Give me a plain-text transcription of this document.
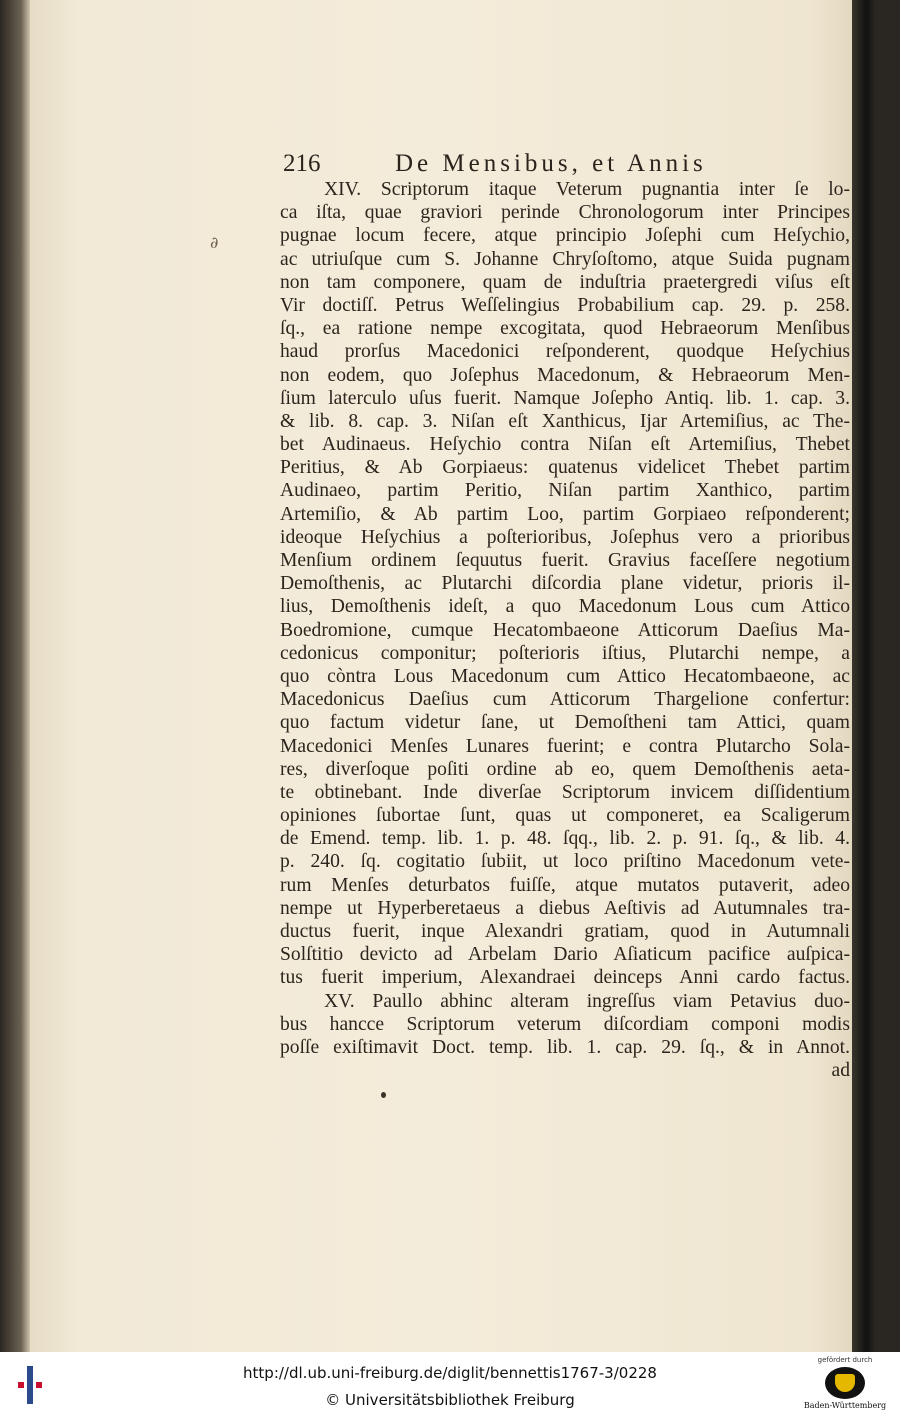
∂
216	De Mensibus, et Annis
XIV. Scriptorum itaque Veterum pugnantia inter ſe lo-
ca iſta, quae graviori perinde Chronologorum inter Principes
pugnae locum fecere, atque principio Joſephi cum Heſychio,
ac utriuſque cum S. Johanne Chryſoſtomo, atque Suida pugnam
non tam componere, quam de induſtria praetergredi viſus eſt
Vir doctiſſ. Petrus Weſſelingius Probabilium cap. 29. p. 258.
ſq., ea ratione nempe excogitata, quod Hebraeorum Menſibus
haud prorſus Macedonici reſponderent, quodque Heſychius
non eodem, quo Joſephus Macedonum, & Hebraeorum Men-
ſium laterculo uſus fuerit. Namque Joſepho Antiq. lib. 1. cap. 3.
& lib. 8. cap. 3. Niſan eſt Xanthicus, Ijar Artemiſius, ac The-
bet Audinaeus. Heſychio contra Niſan eſt Artemiſius, Thebet
Peritius, & Ab Gorpiaeus: quatenus videlicet Thebet partim
Audinaeo, partim Peritio, Niſan partim Xanthico, partim
Artemiſio, & Ab partim Loo, partim Gorpiaeo reſponderent;
ideoque Heſychius a poſterioribus, Joſephus vero a prioribus
Menſium ordinem ſequutus fuerit. Gravius faceſſere negotium
Demoſthenis, ac Plutarchi diſcordia plane videtur, prioris il-
lius, Demoſthenis ideſt, a quo Macedonum Lous cum Attico
Boedromione, cumque Hecatombaeone Atticorum Daeſius Ma-
cedonicus componitur; poſterioris iſtius, Plutarchi nempe, a
quo còntra Lous Macedonum cum Attico Hecatombaeone, ac
Macedonicus Daeſius cum Atticorum Thargelione confertur:
quo factum videtur ſane, ut Demoſtheni tam Attici, quam
Macedonici Menſes Lunares fuerint; e contra Plutarcho Sola-
res, diverſoque poſiti ordine ab eo, quem Demoſthenis aeta-
te obtinebant. Inde diverſae Scriptorum invicem diſſidentium
opiniones ſubortae ſunt, quas ut componeret, ea Scaligerum
de Emend. temp. lib. 1. p. 48. ſqq., lib. 2. p. 91. ſq., & lib. 4.
p. 240. ſq. cogitatio ſubiit, ut loco priſtino Macedonum vete-
rum Menſes deturbatos fuiſſe, atque mutatos putaverit, adeo
nempe ut Hyperberetaeus a diebus Aeſtivis ad Autumnales tra-
ductus fuerit, inque Alexandri gratiam, quod in Autumnali
Solſtitio devicto ad Arbelam Dario Aſiaticum pacifice auſpica-
tus fuerit imperium, Alexandraei deinceps Anni cardo factus.
XV. Paullo abhinc alteram ingreſſus viam Petavius duo-
bus hancce Scriptorum veterum diſcordiam componi modis
poſſe exiſtimavit Doct. temp. lib. 1. cap. 29. ſq., & in Annot.
ad
http://dl.ub.uni-freiburg.de/diglit/bennettis1767-3/0228
© Universitätsbibliothek Freiburg
gefördert durch
Baden-Württemberg
